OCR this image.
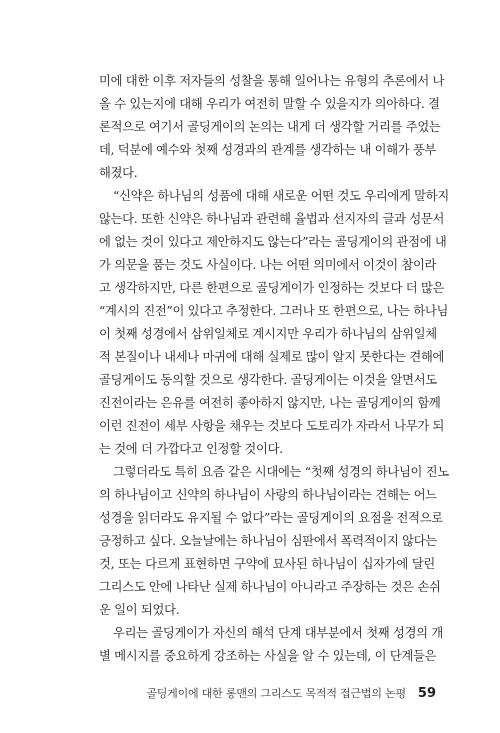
미에 대한 이후 저자들의 성찰을 통해 일어나는 유형의 추론에서 나
올 수 있는지에 대해 우리가 여전히 말할 수 있을지가 의아하다. 결
론적으로 여기서 골딩게이의 논의는 내게 더 생각할 거리를 주었는
데, 덕분에 예수와 첫째 성경과의 관계를 생각하는 내 이해가 풍부
해졌다.
“신약은 하나님의 성품에 대해 새로운 어떤 것도 우리에게 말하지
않는다. 또한 신약은 하나님과 관련해 율법과 선지자의 글과 성문서
에 없는 것이 있다고 제안하지도 않는다”라는 골딩게이의 관점에 내
가 의문을 품는 것도 사실이다. 나는 어떤 의미에서 이것이 참이라
고 생각하지만, 다른 한편으로 골딩게이가 인정하는 것보다 더 많은
“계시의 진전”이 있다고 추정한다. 그러나 또 한편으로, 나는 하나님
이 첫째 성경에서 삼위일체로 계시지만 우리가 하나님의 삼위일체
적 본질이나 내세나 마귀에 대해 실제로 많이 알지 못한다는 견해에
골딩게이도 동의할 것으로 생각한다. 골딩게이는 이것을 알면서도
진전이라는 은유를 여전히 좋아하지 않지만, 나는 골딩게이의 함께
이런 진전이 세부 사항을 채우는 것보다 도토리가 자라서 나무가 되
는 것에 더 가깝다고 인정할 것이다.
그렇더라도 특히 요즘 같은 시대에는 “첫째 성경의 하나님이 진노
의 하나님이고 신약의 하나님이 사랑의 하나님이라는 견해는 어느
성경을 읽더라도 유지될 수 없다”라는 골딩게이의 요점을 전적으로
긍정하고 싶다. 오늘날에는 하나님이 심판에서 폭력적이지 않다는
것, 또는 다르게 표현하면 구약에 묘사된 하나님이 십자가에 달린
그리스도 안에 나타난 실제 하나님이 아니라고 주장하는 것은 손쉬
운 일이 되었다.
우리는 골딩게이가 자신의 해석 단계 대부분에서 첫째 성경의 개
별 메시지를 중요하게 강조하는 사실을 알 수 있는데, 이 단계들은
골딩게이에 대한 롱맨의 그리스도 목적적 접근법의 논평 59
